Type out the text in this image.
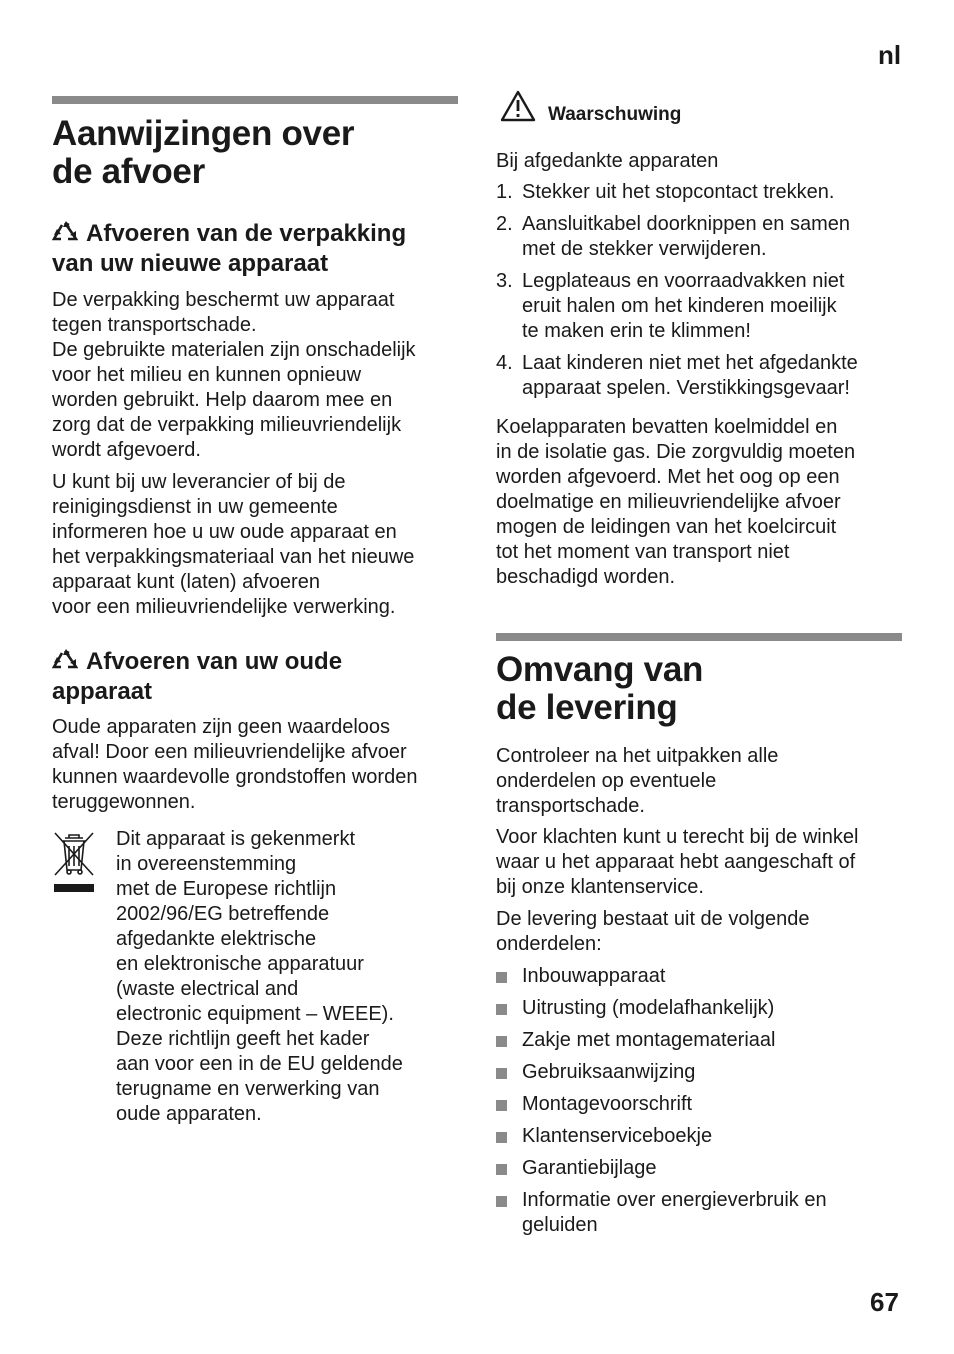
nl
67
Aanwijzingen over
de afvoer
Afvoeren van de verpakking
van uw nieuwe apparaat

De verpakking beschermt uw apparaat
tegen transportschade.
De gebruikte materialen zijn onschadelijk
voor het milieu en kunnen opnieuw
worden gebruikt. Help daarom mee en
zorg dat de verpakking milieuvriendelijk
wordt afgevoerd.

U kunt bij uw leverancier of bij de
reinigingsdienst in uw gemeente
informeren hoe u uw oude apparaat en
het verpakkingsmateriaal van het nieuwe
apparaat kunt (laten) afvoeren
voor een milieuvriendelijke verwerking.

Afvoeren van uw oude
apparaat

Oude apparaten zijn geen waardeloos
afval! Door een milieuvriendelijke afvoer
kunnen waardevolle grondstoffen worden
teruggewonnen.

Dit apparaat is gekenmerkt
in overeenstemming
met de Europese richtlijn
2002/96/EG betreffende
afgedankte elektrische
en elektronische apparatuur
(waste electrical and
electronic equipment – WEEE).
Deze richtlijn geeft het kader
aan voor een in de EU geldende
terugname en verwerking van
oude apparaten.

Waarschuwing

Bij afgedankte apparaten

1. Stekker uit het stopcontact trekken.
2. Aansluitkabel doorknippen en samen
met de stekker verwijderen.
3. Legplateaus en voorraadvakken niet
eruit halen om het kinderen moeilijk
te maken erin te klimmen!
4. Laat kinderen niet met het afgedankte
apparaat spelen. Verstikkingsgevaar!

Koelapparaten bevatten koelmiddel en
in de isolatie gas. Die zorgvuldig moeten
worden afgevoerd. Met het oog op een
doelmatige en milieuvriendelijke afvoer
mogen de leidingen van het koelcircuit
tot het moment van transport niet
beschadigd worden.

Omvang van
de levering

Controleer na het uitpakken alle
onderdelen op eventuele
transportschade.

Voor klachten kunt u terecht bij de winkel
waar u het apparaat hebt aangeschaft of
bij onze klantenservice.

De levering bestaat uit de volgende
onderdelen:

Inbouwapparaat
Uitrusting (modelafhankelijk)
Zakje met montagemateriaal
Gebruiksaanwijzing
Montagevoorschrift
Klantenserviceboekje
Garantiebijlage
Informatie over energieverbruik en
geluiden
